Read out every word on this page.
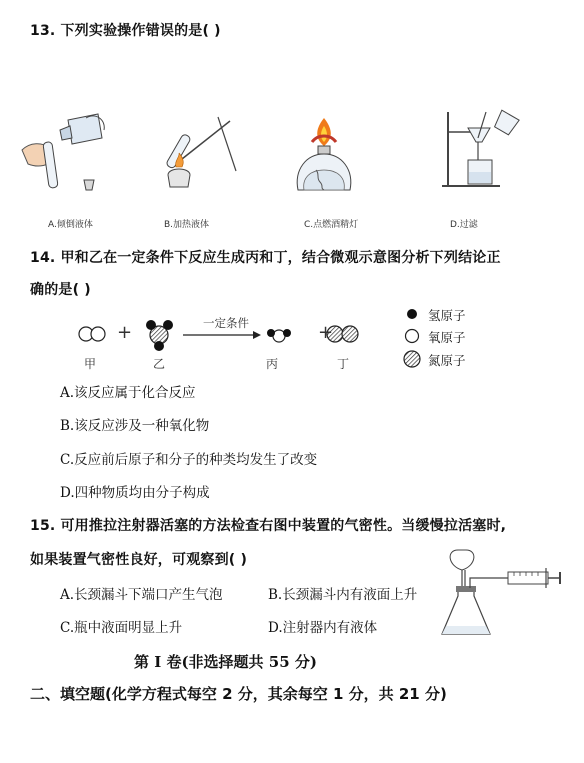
13. 下列实验操作错误的是( )
A.倾倒液体	B.加热液体	C.点燃酒精灯	D.过滤
14. 甲和乙在一定条件下反应生成丙和丁，结合微观示意图分析下列结论正
确的是( )
+	+
一定条件
甲	乙	丙	丁
氢原子
氧原子
氮原子
A.该反应属于化合反应
B.该反应涉及一种氧化物
C.反应前后原子和分子的种类均发生了改变
D.四种物质均由分子构成
15. 可用推拉注射器活塞的方法检查右图中装置的气密性。当缓慢拉活塞时,
如果装置气密性良好，可观察到( )
A.长颈漏斗下端口产生气泡	B.长颈漏斗内有液面上升
C.瓶中液面明显上升	D.注射器内有液体
第 I 卷(非选择题共 55 分)
二、填空题(化学方程式每空 2 分，其余每空 1 分，共 21 分)
